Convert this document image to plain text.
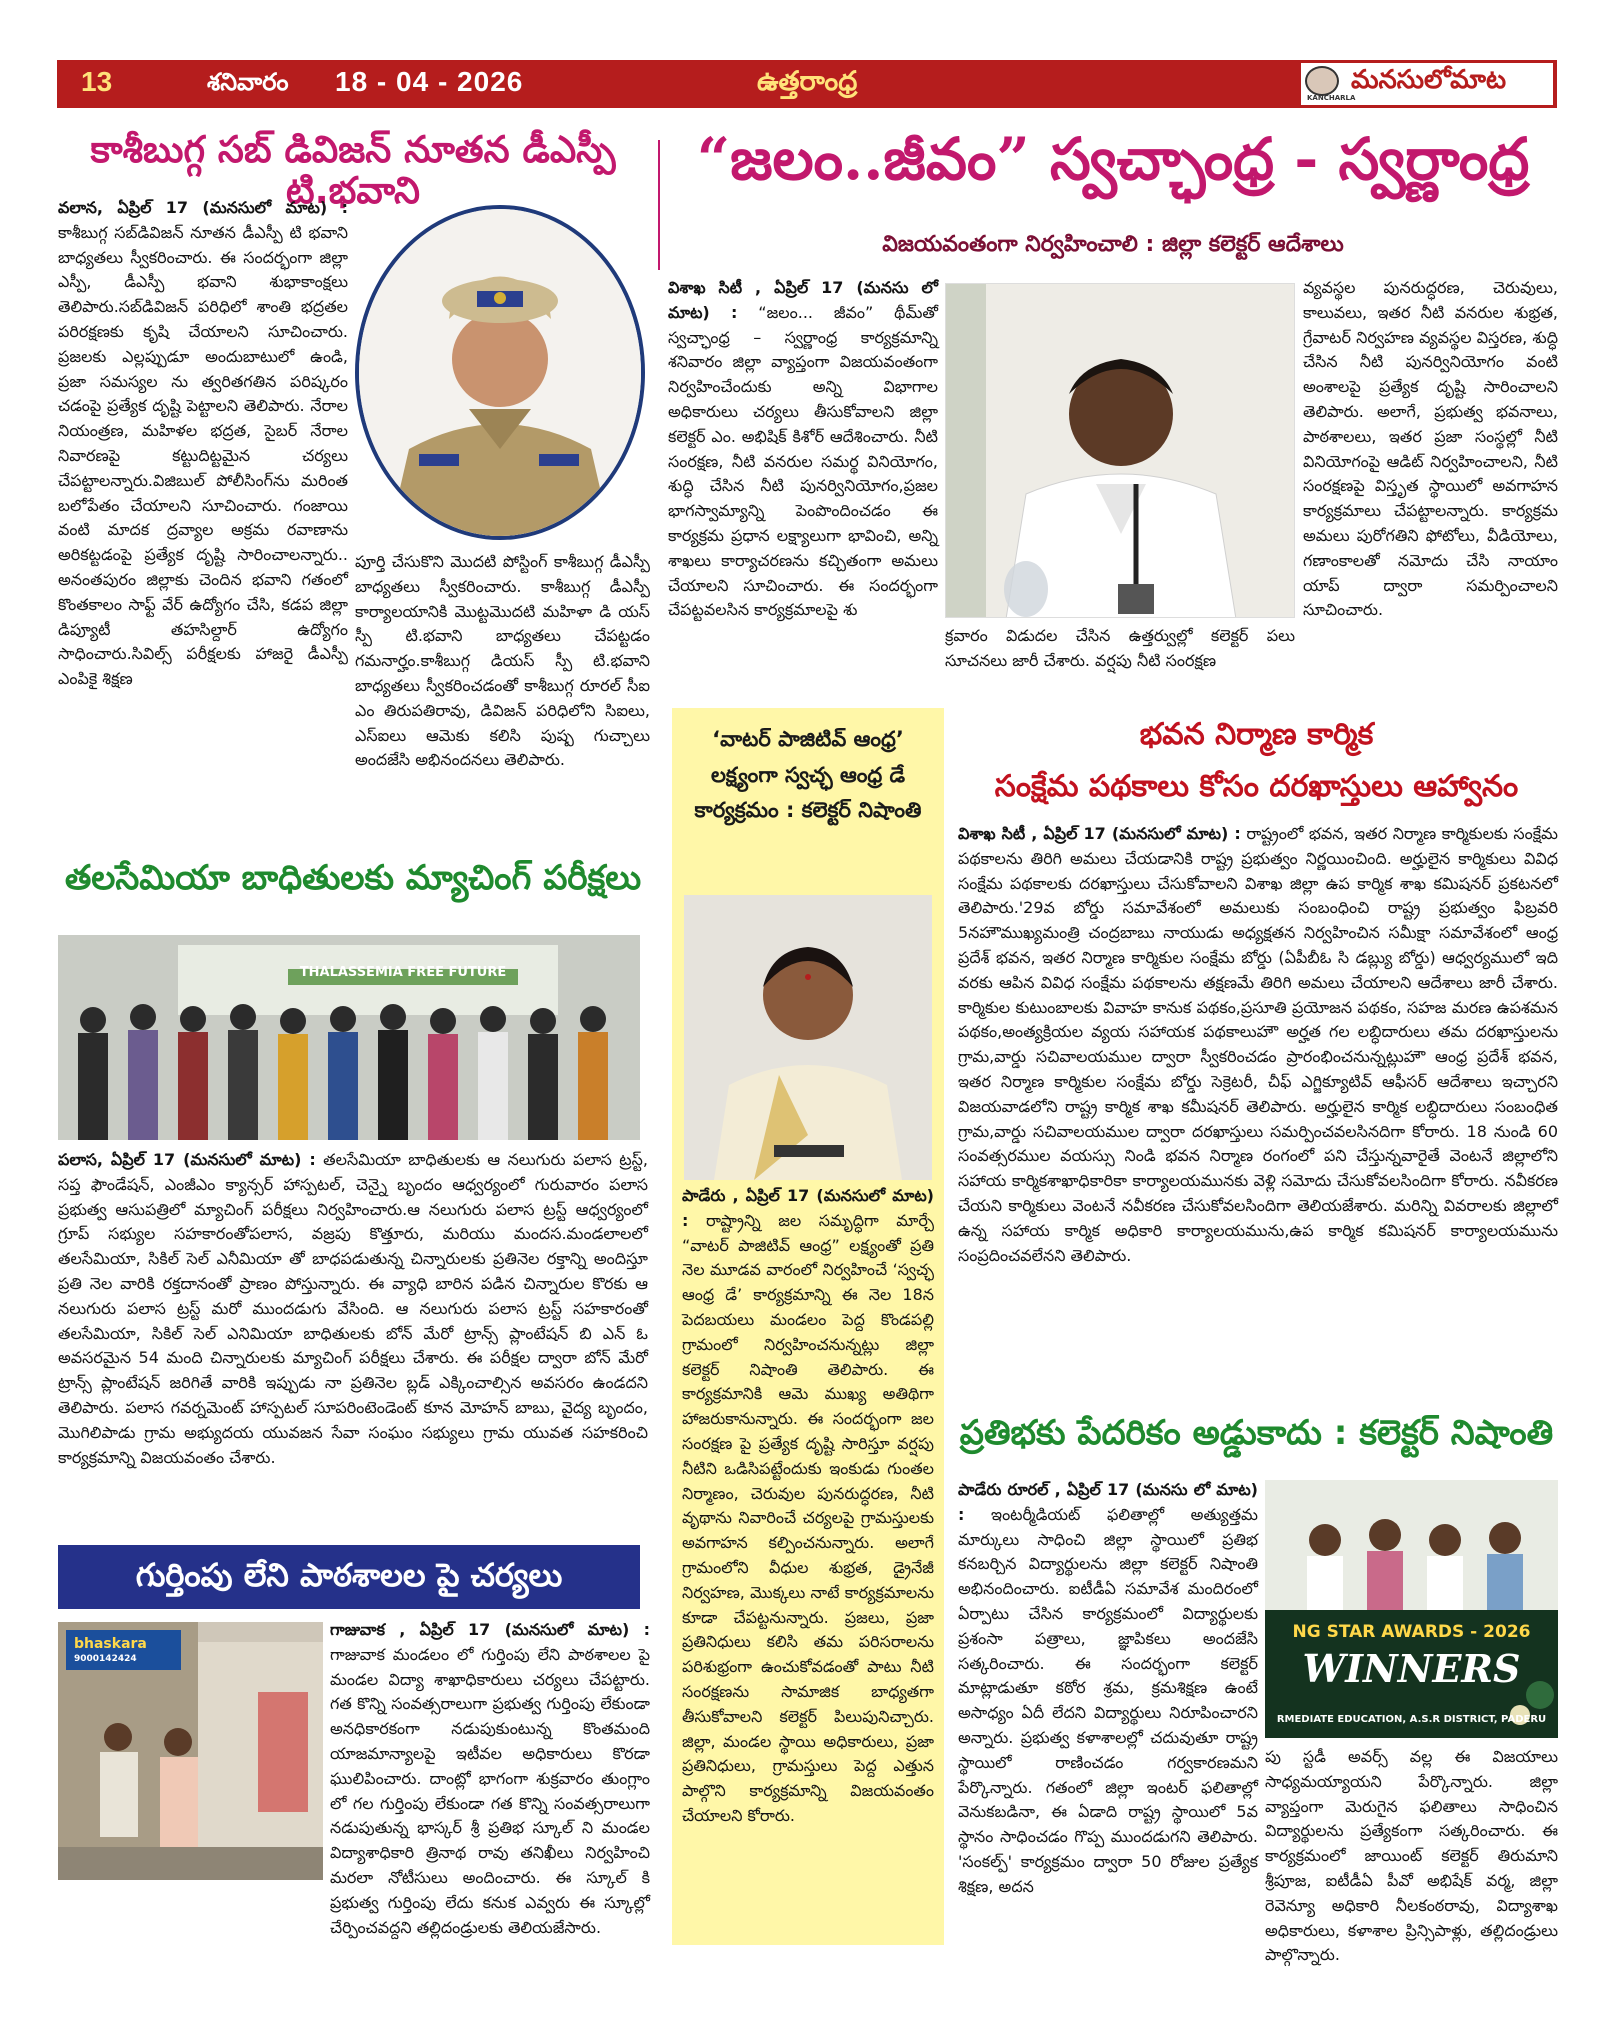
13	శనివారం 18 - 04 - 2026	ఉత్తరాంధ్ర
KANCHARLA
మనసులోమాట
కాశీబుగ్గ సబ్ డివిజన్ నూతన డీఎస్పీ టి.భవాని
వలాన, ఏప్రిల్ 17 (మనసులో మాట) : కాశీబుగ్గ సబ్‌డివిజన్ నూతన డీఎస్పీ టి భవాని బాధ్యతలు స్వీకరించారు. ఈ సందర్భంగా జిల్లా ఎస్పీ, డీఎస్పీ భవాని శుభాకాంక్షలు తెలిపారు.సబ్‌డివిజన్ పరిధిలో శాంతి భద్రతల పరిరక్షణకు కృషి చేయాలని సూచించారు. ప్రజలకు ఎల్లప్పుడూ అందుబాటులో ఉండి, ప్రజా సమస్యల ను త్వరితగతిన పరిష్కరం చడంపై ప్రత్యేక దృష్టి పెట్టాలని తెలిపారు. నేరాల నియంత్రణ, మహిళల భద్రత, సైబర్ నేరాల నివారణపై కట్టుదిట్టమైన చర్యలు చేపట్టాలన్నారు.విజిబుల్ పోలీసింగ్‌ను మరింత బలోపేతం చేయాలని సూచించారు. గంజాయి వంటి మాదక ద్రవ్యాల అక్రమ రవాణాను అరికట్టడంపై ప్రత్యేక దృష్టి సారించాలన్నారు.. అనంతపురం జిల్లాకు చెందిన భవాని గతంలో కొంతకాలం సాఫ్ట్ వేర్ ఉద్యోగం చేసి, కడప జిల్లా డిప్యూటీ తహసిల్దార్ ఉద్యోగం సాధించారు.సివిల్స్ పరీక్షలకు హాజరై డీఎస్పీ ఎంపికై శిక్షణ
పూర్తి చేసుకొని మొదటి పోస్టింగ్ కాశీబుగ్గ డీఎస్పీ బాధ్యతలు స్వీకరించారు. కాశీబుగ్గ డీఎస్పీ కార్యాలయానికి మొట్టమొదటి మహిళా డి యస్ స్పీ టి.భవాని బాధ్యతలు చేపట్టడం గమనార్హం.కాశీబుగ్గ డియస్ స్పీ టి.భవాని బాధ్యతలు స్వీకరించడంతో కాశీబుగ్గ రూరల్ సీఐ ఎం తిరుపతిరావు, డివిజన్ పరిధిలోని సిఐలు, ఎస్ఐలు ఆమెకు కలిసి పుష్ప గుచ్చాలు అందజేసి అభినందనలు తెలిపారు.
“జలం..జీవం” స్వచ్ఛాంధ్ర - స్వర్ణాంధ్ర
విజయవంతంగా నిర్వహించాలి : జిల్లా కలెక్టర్ ఆదేశాలు
విశాఖ సిటీ , ఏప్రిల్ 17 (మనసు లో మాట) : “జలం... జీవం” థీమ్‌తో స్వచ్ఛాంధ్ర – స్వర్ణాంధ్ర కార్యక్రమాన్ని శనివారం జిల్లా వ్యాప్తంగా విజయవంతంగా నిర్వహించేందుకు అన్ని విభాగాల అధికారులు చర్యలు తీసుకోవాలని జిల్లా కలెక్టర్ ఎం. అభిషిక్ కిశోర్ ఆదేశించారు. నీటి సంరక్షణ, నీటి వనరుల సమర్థ వినియోగం, శుద్ధి చేసిన నీటి పునర్వినియోగం,ప్రజల భాగస్వామ్యాన్ని పెంపొందించడం ఈ కార్యక్రమ ప్రధాన లక్ష్యాలుగా భావించి, అన్ని శాఖలు కార్యాచరణను కచ్చితంగా అమలు చేయాలని సూచించారు. ఈ సందర్భంగా చేపట్టవలసిన కార్యక్రమాలపై శు
క్రవారం విడుదల చేసిన ఉత్తర్వుల్లో కలెక్టర్ పలు సూచనలు జారీ చేశారు. వర్షపు నీటి సంరక్షణ
వ్యవస్థల పునరుద్ధరణ, చెరువులు, కాలువలు, ఇతర నీటి వనరుల శుభ్రత, గ్రేవాటర్ నిర్వహణ వ్యవస్థల విస్తరణ, శుద్ధి చేసిన నీటి పునర్వినియోగం వంటి అంశాలపై ప్రత్యేక దృష్టి సారించాలని తెలిపారు. అలాగే, ప్రభుత్వ భవనాలు, పాఠశాలలు, ఇతర ప్రజా సంస్థల్లో నీటి వినియోగంపై ఆడిట్ నిర్వహించాలని, నీటి సంరక్షణపై విస్తృత స్థాయిలో అవగాహన కార్యక్రమాలు చేపట్టాలన్నారు. కార్యక్రమ అమలు పురోగతిని ఫోటోలు, వీడియోలు, గణాంకాలతో నమోదు చేసి నాయాం యాప్ ద్వారా సమర్పించాలని సూచించారు.
తలసేమియా బాధితులకు మ్యాచింగ్ పరీక్షలు
THALASSEMIA FREE FUTURE
పలాస, ఏప్రిల్ 17 (మనసులో మాట) : తలసేమియా బాధితులకు ఆ నలుగురు పలాస ట్రస్ట్, సప్త ఫౌండేషన్, ఎంజీఎం క్యాన్సర్ హాస్పటల్, చెన్నై బృందం ఆధ్వర్యంలో గురువారం పలాస ప్రభుత్వ ఆసుపత్రిలో మ్యాచింగ్ పరీక్షలు నిర్వహించారు.ఆ నలుగురు పలాస ట్రస్ట్ ఆధ్వర్యంలో గ్రూప్ సభ్యుల సహకారంతోపలాస, వజ్రపు కొత్తూరు, మరియు మందస.మండలాలలో తలసేమియా, సికిల్ సెల్ ఎనీమియా తో బాధపడుతున్న చిన్నారులకు ప్రతినెల రక్తాన్ని అందిస్తూ ప్రతి నెల వారికి రక్తదానంతో ప్రాణం పోస్తున్నారు. ఈ వ్యాధి బారిన పడిన చిన్నారుల కొరకు ఆ నలుగురు పలాస ట్రస్ట్ మరో ముందడుగు వేసింది. ఆ నలుగురు పలాస ట్రస్ట్ సహకారంతో తలసేమియా, సికిల్ సెల్ ఎనిమియా బాధితులకు బోన్ మేరో ట్రాన్స్ ప్లాంటేషన్ బి ఎన్ ఓ అవసరమైన 54 మంది చిన్నారులకు మ్యాచింగ్ పరీక్షలు చేశారు. ఈ పరీక్షల ద్వారా బోన్ మేరో ట్రాన్స్ ప్లాంటేషన్ జరిగితే వారికి ఇప్పుడు నా ప్రతినెల బ్లడ్ ఎక్కించాల్సిన అవసరం ఉండదని తెలిపారు. పలాస గవర్నమెంట్ హాస్పటల్ సూపరింటెండెంట్ కూన మోహన్ బాబు, వైద్య బృందం, మొగిలిపాడు గ్రామ అభ్యుదయ యువజన సేవా సంఘం సభ్యులు గ్రామ యువత సహకరించి కార్యక్రమాన్ని విజయవంతం చేశారు.
గుర్తింపు లేని పాఠశాలల పై చర్యలు
bhaskara
9000142424
గాజువాక , ఏప్రిల్ 17 (మనసులో మాట) : గాజువాక మండలం లో గుర్తింపు లేని పాఠశాలల పై మండల విద్యా శాఖాధికారులు చర్యలు చేపట్టారు. గత కొన్ని సంవత్సరాలుగా ప్రభుత్వ గుర్తింపు లేకుండా అనధికారకంగా నడుపుకుంటున్న కొంతమంది యాజమాన్యాలపై ఇటీవల అధికారులు కొరడా ఘులిపించారు. దాంట్లో భాగంగా శుక్రవారం తుంగ్లాం లో గల గుర్తింపు లేకుండా గత కొన్ని సంవత్సరాలుగా నడుపుతున్న భాస్కర్ శ్రీ ప్రతిభ స్కూల్ ని మండల విద్యాశాధికారి త్రినాథ రావు తనిఖీలు నిర్వహించి మరలా నోటీసులు అందించారు. ఈ స్కూల్ కి ప్రభుత్వ గుర్తింపు లేదు కనుక ఎవ్వరు ఈ స్కూల్లో చేర్పించవద్దని తల్లిదండ్రులకు తెలియజేసారు.
‘వాటర్ పాజిటివ్ ఆంధ్ర’
లక్ష్యంగా స్వచ్ఛ ఆంధ్ర డే
కార్యక్రమం : కలెక్టర్ నిషాంతి
పాడేరు , ఏప్రిల్ 17 (మనసులో మాట) : రాష్ట్రాన్ని జల సమృద్ధిగా మార్చే “వాటర్ పాజిటివ్ ఆంధ్ర” లక్ష్యంతో ప్రతి నెల మూడవ వారంలో నిర్వహించే ‘స్వచ్ఛ ఆంధ్ర డే’ కార్యక్రమాన్ని ఈ నెల 18న పెదబయలు మండలం పెద్ద కొండపల్లి గ్రామంలో నిర్వహించనున్నట్లు జిల్లా కలెక్టర్ నిషాంతి తెలిపారు. ఈ కార్యక్రమానికి ఆమె ముఖ్య అతిథిగా హాజరుకానున్నారు. ఈ సందర్భంగా జల సంరక్షణ పై ప్రత్యేక దృష్టి సారిస్తూ వర్షపు నీటిని ఒడిసిపట్టేందుకు ఇంకుడు గుంతల నిర్మాణం, చెరువుల పునరుద్ధరణ, నీటి వృథాను నివారించే చర్యలపై గ్రామస్తులకు అవగాహన కల్పించనున్నారు. అలాగే గ్రామంలోని వీధుల శుభ్రత, డ్రైనేజీ నిర్వహణ, మొక్కలు నాటే కార్యక్రమాలను కూడా చేపట్టనున్నారు. ప్రజలు, ప్రజా ప్రతినిధులు కలిసి తమ పరిసరాలను పరిశుభ్రంగా ఉంచుకోవడంతో పాటు నీటి సంరక్షణను సామాజిక బాధ్యతగా తీసుకోవాలని కలెక్టర్ పిలుపునిచ్చారు. జిల్లా, మండల స్థాయి అధికారులు, ప్రజా ప్రతినిధులు, గ్రామస్తులు పెద్ద ఎత్తున పాల్గొని కార్యక్రమాన్ని విజయవంతం చేయాలని కోరారు.
భవన నిర్మాణ కార్మిక
సంక్షేమ పథకాలు కోసం దరఖాస్తులు ఆహ్వానం
విశాఖ సిటీ , ఏప్రిల్ 17 (మనసులో మాట) : రాష్ట్రంలో భవన, ఇతర నిర్మాణ కార్మికులకు సంక్షేమ పథకాలను తిరిగి అమలు చేయడానికి రాష్ట్ర ప్రభుత్వం నిర్ణయించింది. అర్హులైన కార్మికులు వివిధ సంక్షేమ పథకాలకు దరఖాస్తులు చేసుకోవాలని విశాఖ జిల్లా ఉప కార్మిక శాఖ కమిషనర్ ప్రకటనలో తెలిపారు.'29వ బోర్డు సమావేశంలో అమలుకు సంబంధించి రాష్ట్ర ప్రభుత్వం ఫిబ్రవరి 5నహౌముఖ్యమంత్రి చంద్రబాబు నాయుడు అధ్యక్షతన నిర్వహించిన సమీక్షా సమావేశంలో ఆంధ్ర ప్రదేశ్ భవన, ఇతర నిర్మాణ కార్మికుల సంక్షేమ బోర్డు (ఏపీబీఓ సి డబ్ల్యు బోర్డు) ఆధ్వర్యములో ఇది వరకు ఆపిన వివిధ సంక్షేమ పథకాలను తక్షణమే తిరిగి అమలు చేయాలని ఆదేశాలు జారీ చేశారు. కార్మికుల కుటుంబాలకు వివాహ కానుక పథకం,ప్రసూతి ప్రయోజన పథకం, సహజ మరణ ఉపశమన పథకం,అంత్యక్రియల వ్యయ సహాయక పథకాలుహౌ అర్హత గల లబ్ధిదారులు తమ దరఖాస్తులను గ్రామ,వార్డు సచివాలయముల ద్వారా స్వీకరించడం ప్రారంభించనున్నట్లుహౌ ఆంధ్ర ప్రదేశ్ భవన, ఇతర నిర్మాణ కార్మికుల సంక్షేమ బోర్డు సెక్రెటరీ, చీఫ్ ఎగ్జిక్యూటివ్ ఆఫీసర్ ఆదేశాలు ఇచ్చారని విజయవాడలోని రాష్ట్ర కార్మిక శాఖ కమీషనర్ తెలిపారు. అర్హులైన కార్మిక లబ్ధిదారులు సంబంధిత గ్రామ,వార్డు సచివాలయముల ద్వారా దరఖాస్తులు సమర్పించవలసినదిగా కోరారు. 18 నుండి 60 సంవత్సరముల వయస్సు నిండి భవన నిర్మాణ రంగంలో పని చేస్తున్నవారైతే వెంటనే జిల్లాలోని సహాయ కార్మికశాఖాధికారికా కార్యాలయమునకు వెళ్లి సమోదు చేసుకోవలసిందిగా కోరారు. నవీకరణ చేయని కార్మికులు వెంటనే నవీకరణ చేసుకోవలసిందిగా తెలియజేశారు. మరిన్ని వివరాలకు జిల్లాలో ఉన్న సహాయ కార్మిక అధికారి కార్యాలయమును,ఉప కార్మిక కమిషనర్ కార్యాలయమును సంప్రదించవలేనని తెలిపారు.
ప్రతిభకు పేదరికం అడ్డుకాదు : కలెక్టర్ నిషాంతి
పాడేరు రూరల్ , ఏప్రిల్ 17 (మనసు లో మాట) : ఇంటర్మీడియట్ ఫలితాల్లో అత్యుత్తమ మార్కులు సాధించి జిల్లా స్థాయిలో ప్రతిభ కనబర్చిన విద్యార్థులను జిల్లా కలెక్టర్ నిషాంతి అభినందించారు. ఐటీడీఏ సమావేశ మందిరంలో ఏర్పాటు చేసిన కార్యక్రమంలో విద్యార్థులకు ప్రశంసా పత్రాలు, జ్ఞాపికలు అందజేసి సత్కరించారు. ఈ సందర్భంగా కలెక్టర్ మాట్లాడుతూ కఠోర శ్రమ, క్రమశిక్షణ ఉంటే అసాధ్యం ఏదీ లేదని విద్యార్థులు నిరూపించారని అన్నారు. ప్రభుత్వ కళాశాలల్లో చదువుతూ రాష్ట్ర స్థాయిలో రాణించడం గర్వకారణమని పేర్కొన్నారు. గతంలో జిల్లా ఇంటర్ ఫలితాల్లో వెనుకబడినా, ఈ ఏడాది రాష్ట్ర స్థాయిలో 5వ స్థానం సాధించడం గొప్ప ముందడుగని తెలిపారు. 'సంకల్ప్' కార్యక్రమం ద్వారా 50 రోజుల ప్రత్యేక శిక్షణ, అదన
NG STAR AWARDS - 2026
WINNERS
RMEDIATE EDUCATION, A.S.R DISTRICT, PADERU
పు స్టడీ అవర్స్ వల్ల ఈ విజయాలు సాధ్యమయ్యాయని పేర్కొన్నారు. జిల్లా వ్యాప్తంగా మెరుగైన ఫలితాలు సాధించిన విద్యార్థులను ప్రత్యేకంగా సత్కరించారు. ఈ కార్యక్రమంలో జాయింట్ కలెక్టర్ తిరుమాని శ్రీపూజ, ఐటీడీఏ పీవో అభిషేక్ వర్మ, జిల్లా రెవెన్యూ అధికారి నీలకంఠరావు, విద్యాశాఖ అధికారులు, కళాశాల ప్రిన్సిపాళ్లు, తల్లిదండ్రులు పాల్గొన్నారు.
